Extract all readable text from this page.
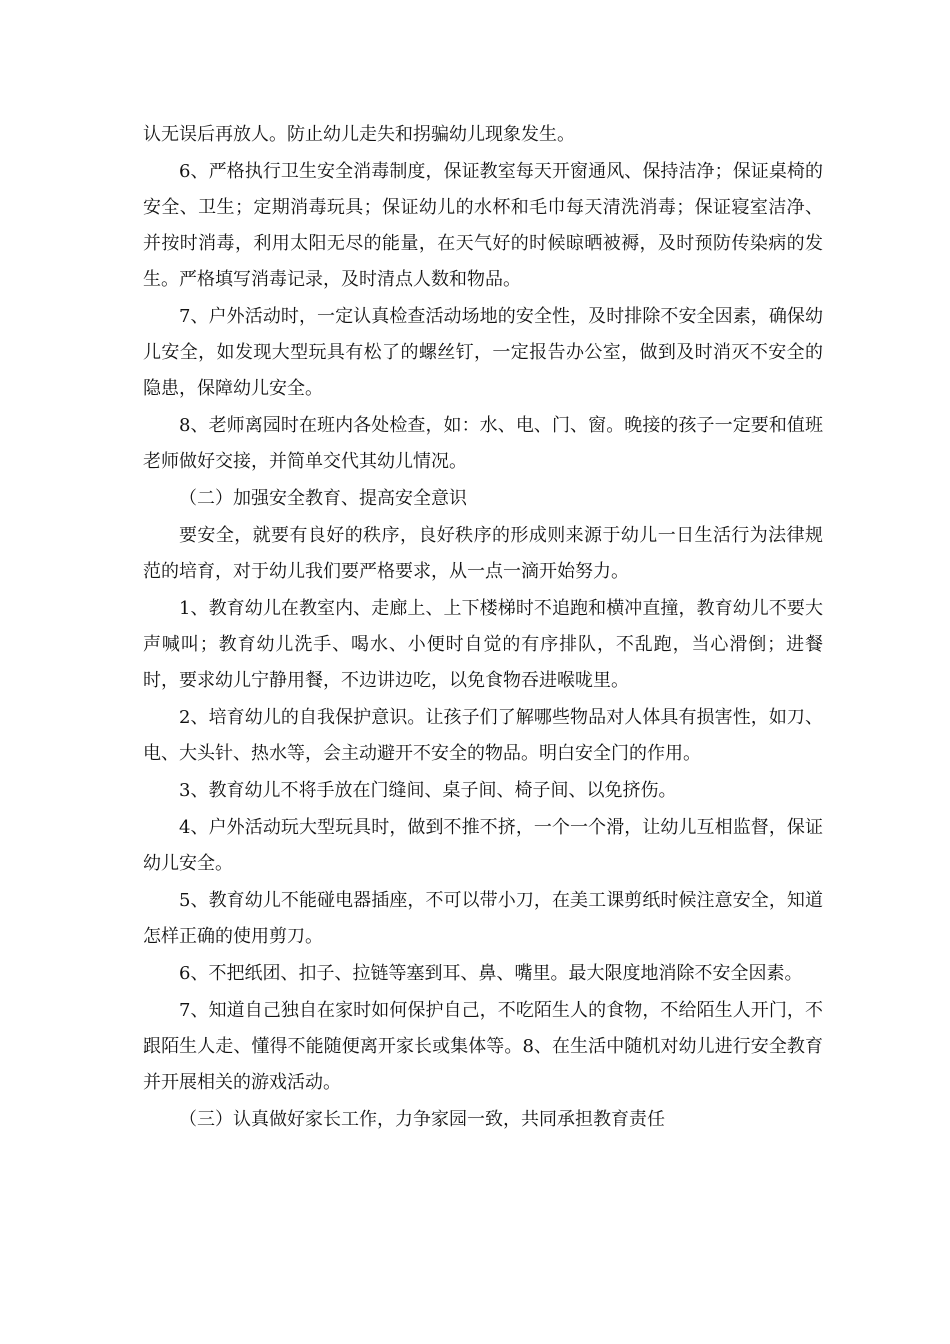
认无误后再放人。防止幼儿走失和拐骗幼儿现象发生。

6、严格执行卫生安全消毒制度，保证教室每天开窗通风、保持洁净；保证桌椅的安全、卫生；定期消毒玩具；保证幼儿的水杯和毛巾每天清洗消毒；保证寝室洁净、并按时消毒，利用太阳无尽的能量，在天气好的时候晾晒被褥，及时预防传染病的发生。严格填写消毒记录，及时清点人数和物品。

7、户外活动时，一定认真检查活动场地的安全性，及时排除不安全因素，确保幼儿安全，如发现大型玩具有松了的螺丝钉，一定报告办公室，做到及时消灭不安全的隐患，保障幼儿安全。

8、老师离园时在班内各处检查，如：水、电、门、窗。晚接的孩子一定要和值班老师做好交接，并简单交代其幼儿情况。

（二）加强安全教育、提高安全意识

要安全，就要有良好的秩序，良好秩序的形成则来源于幼儿一日生活行为法律规范的培育，对于幼儿我们要严格要求，从一点一滴开始努力。

1、教育幼儿在教室内、走廊上、上下楼梯时不追跑和横冲直撞，教育幼儿不要大声喊叫；教育幼儿洗手、喝水、小便时自觉的有序排队，不乱跑，当心滑倒；进餐时，要求幼儿宁静用餐，不边讲边吃，以免食物吞进喉咙里。

2、培育幼儿的自我保护意识。让孩子们了解哪些物品对人体具有损害性，如刀、电、大头针、热水等，会主动避开不安全的物品。明白安全门的作用。

3、教育幼儿不将手放在门缝间、桌子间、椅子间、以免挤伤。

4、户外活动玩大型玩具时，做到不推不挤，一个一个滑，让幼儿互相监督，保证幼儿安全。

5、教育幼儿不能碰电器插座，不可以带小刀，在美工课剪纸时候注意安全，知道怎样正确的使用剪刀。

6、不把纸团、扣子、拉链等塞到耳、鼻、嘴里。最大限度地消除不安全因素。

7、知道自己独自在家时如何保护自己，不吃陌生人的食物，不给陌生人开门，不跟陌生人走、懂得不能随便离开家长或集体等。8、在生活中随机对幼儿进行安全教育并开展相关的游戏活动。

（三）认真做好家长工作，力争家园一致，共同承担教育责任
